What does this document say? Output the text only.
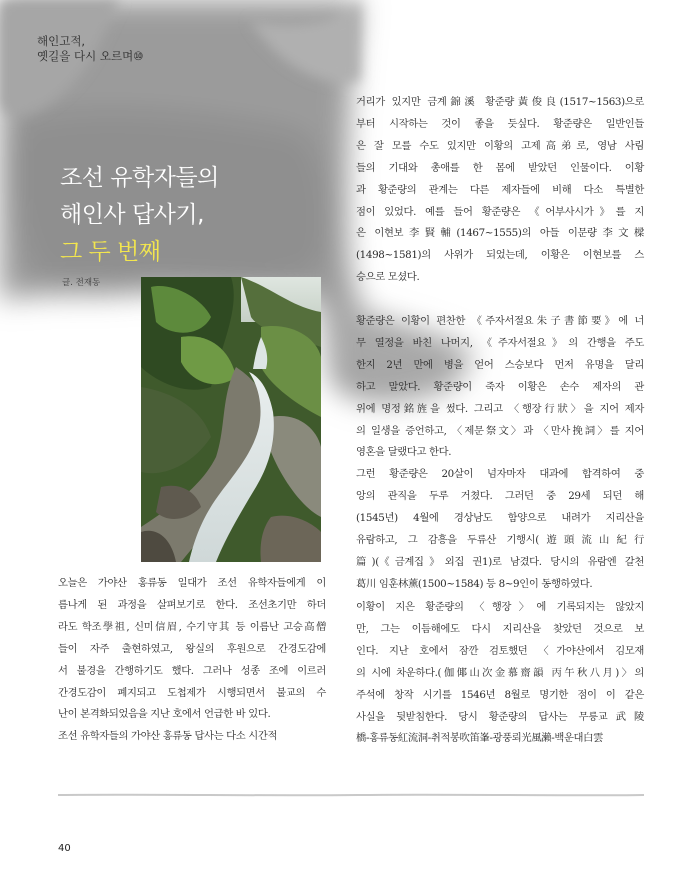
해인고적,
옛길을 다시 오르며⑩
조선 유학자들의
해인사 답사기,
그 두 번째
글. 전재동
오늘은 가야산 홍류동 일대가 조선 유학자들에게 이
름나게 된 과정을 살펴보기로 한다. 조선초기만 하더
라도 학조學祖, 신미信眉, 수기守其 등 이름난 고승高僧
들이 자주 출현하였고, 왕실의 후원으로 간경도감에
서 불경을 간행하기도 했다. 그러나 성종 조에 이르러
간경도감이 폐지되고 도첩제가 시행되면서 불교의 수
난이 본격화되었음을 지난 호에서 언급한 바 있다.
조선 유학자들의 가야산 홍류동 답사는 다소 시간적
거리가 있지만 금계錦溪 황준량黃俊良(1517~1563)으로
부터 시작하는 것이 좋을 듯싶다. 황준량은 일반인들
은 잘 모를 수도 있지만 이황의 고제高弟로, 영남 사림
들의 기대와 총애를 한 몸에 받았던 인물이다. 이황
과 황준량의 관계는 다른 제자들에 비해 다소 특별한
점이 있었다. 예를 들어 황준량은 《어부사시가》를 지
은 이현보李賢輔(1467~1555)의 아들 이문량李文樑
(1498~1581)의 사위가 되었는데, 이황은 이현보를 스
승으로 모셨다.
황준량은 이황이 편찬한 《주자서절요朱子書節要》에 너
무 열정을 바친 나머지, 《주자서절요》의 간행을 주도
한지 2년 만에 병을 얻어 스승보다 먼저 유명을 달리
하고 말았다. 황준량이 죽자 이황은 손수 제자의 관
위에 명정銘旌을 썼다. 그리고 〈행장行狀〉을 지어 제자
의 일생을 증언하고, 〈제문祭文〉과 〈만사挽詞〉를 지어
영혼을 달랬다고 한다.
그런 황준량은 20살이 넘자마자 대과에 합격하여 중
앙의 관직을 두루 거쳤다. 그러던 중 29세 되던 해
(1545년) 4월에 경상남도 함양으로 내려가 지리산을
유람하고, 그 감흥을 두류산 기행시(遊頭流山紀行
篇)(《금계집》외집 권1)로 남겼다. 당시의 유람엔 갈천
葛川 임훈林薰(1500~1584) 등 8~9인이 동행하였다.
이황이 지은 황준량의 〈행장〉에 기록되지는 않았지
만, 그는 이듬해에도 다시 지리산을 찾았던 것으로 보
인다. 지난 호에서 잠깐 검토했던 〈가야산에서 김모재
의 시에 차운하다.(伽倻山次金慕齋韻 丙午秋八月)〉의
주석에 창작 시기를 1546년 8월로 명기한 점이 이 같은
사실을 뒷받침한다. 당시 황준량의 답사는 무릉교武陵
橋-홍류동紅流洞-취적봉吹笛峯-광풍뢰光風瀨-백운대白雲
40
